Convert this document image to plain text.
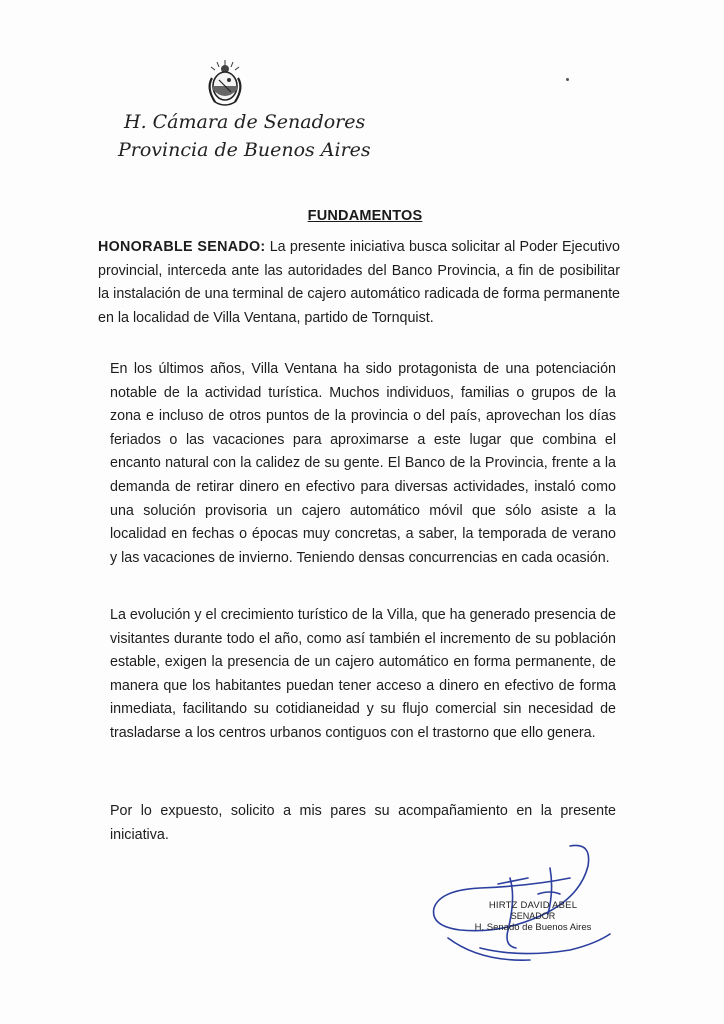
H. Cámara de Senadores
Provincia de Buenos Aires
FUNDAMENTOS
HONORABLE SENADO: La presente iniciativa busca solicitar al Poder Ejecutivo provincial, interceda ante las autoridades del Banco Provincia, a fin de posibilitar la instalación de una terminal de cajero automático radicada de forma permanente en la localidad de Villa Ventana, partido de Tornquist.
En los últimos años, Villa Ventana ha sido protagonista de una potenciación notable de la actividad turística. Muchos individuos, familias o grupos de la zona e incluso de otros puntos de la provincia o del país, aprovechan los días feriados o las vacaciones para aproximarse a este lugar que combina el encanto natural con la calidez de su gente. El Banco de la Provincia, frente a la demanda de retirar dinero en efectivo para diversas actividades, instaló como una solución provisoria un cajero automático móvil que sólo asiste a la localidad en fechas o épocas muy concretas, a saber, la temporada de verano y las vacaciones de invierno. Teniendo densas concurrencias en cada ocasión.
La evolución y el crecimiento turístico de la Villa, que ha generado presencia de visitantes durante todo el año, como así también el incremento de su población estable, exigen la presencia de un cajero automático en forma permanente, de manera que los habitantes puedan tener acceso a dinero en efectivo de forma inmediata, facilitando su cotidianeidad y su flujo comercial sin necesidad de trasladarse a los centros urbanos contiguos con el trastorno que ello genera.
Por lo expuesto, solicito a mis pares su acompañamiento en la presente iniciativa.
HIRTZ DAVID ABEL
SENADOR
H. Senado de Buenos Aires
